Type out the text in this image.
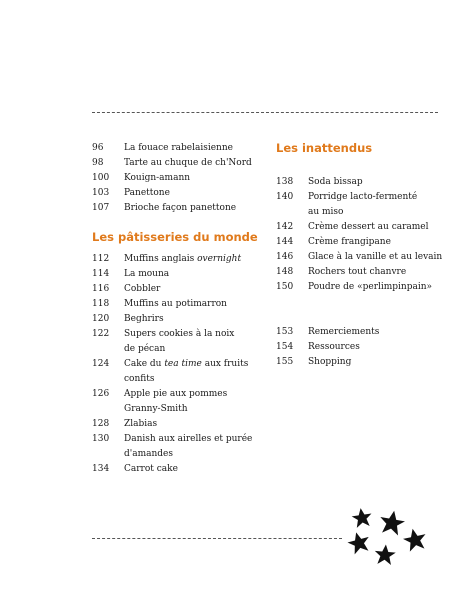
96	La fouace rabelaisienne
98	Tarte au chuque de ch'Nord
100	Kouign-amann
103	Panettone
107	Brioche façon panettone
Les pâtisseries du monde
112	Muffins anglais overnight
114	La mouna
116	Cobbler
118	Muffins au potimarron
120	Beghrirs
122	Supers cookies à la noix
de pécan
124	Cake du tea time aux fruits
confits
126	Apple pie aux pommes
Granny-Smith
128	Zlabias
130	Danish aux airelles et purée
d'amandes
134	Carrot cake
Les inattendus
138	Soda bissap
140	Porridge lacto-fermenté
au miso
142	Crème dessert au caramel
144	Crème frangipane
146	Glace à la vanille et au levain
148	Rochers tout chanvre
150	Poudre de «perlimpinpain»
153	Remerciements
154	Ressources
155	Shopping
